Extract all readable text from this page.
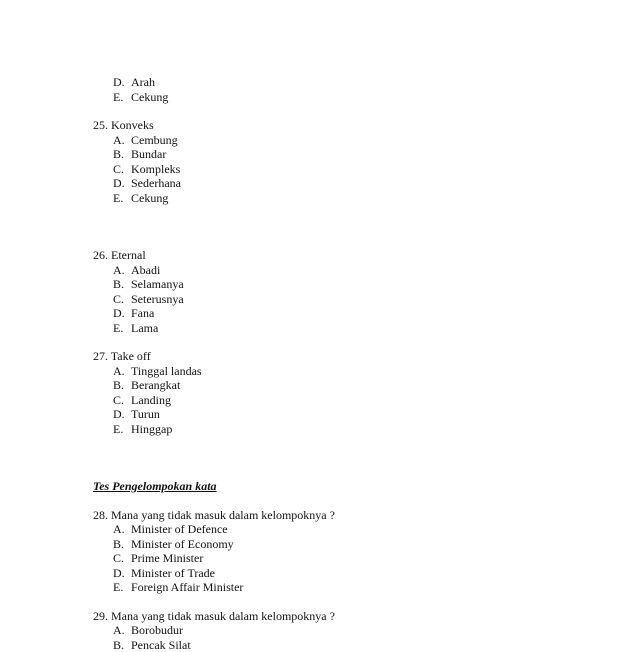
D. Arah
E. Cekung
25. Konveks
A. Cembung
B. Bundar
C. Kompleks
D. Sederhana
E. Cekung
26. Eternal
A. Abadi
B. Selamanya
C. Seterusnya
D. Fana
E. Lama
27. Take off
A. Tinggal landas
B. Berangkat
C. Landing
D. Turun
E. Hinggap
Tes Pengelompokan kata
28. Mana yang tidak masuk dalam kelompoknya ?
A. Minister of Defence
B. Minister of Economy
C. Prime Minister
D. Minister of Trade
E. Foreign Affair Minister
29. Mana yang tidak masuk dalam kelompoknya ?
A. Borobudur
B. Pencak Silat
